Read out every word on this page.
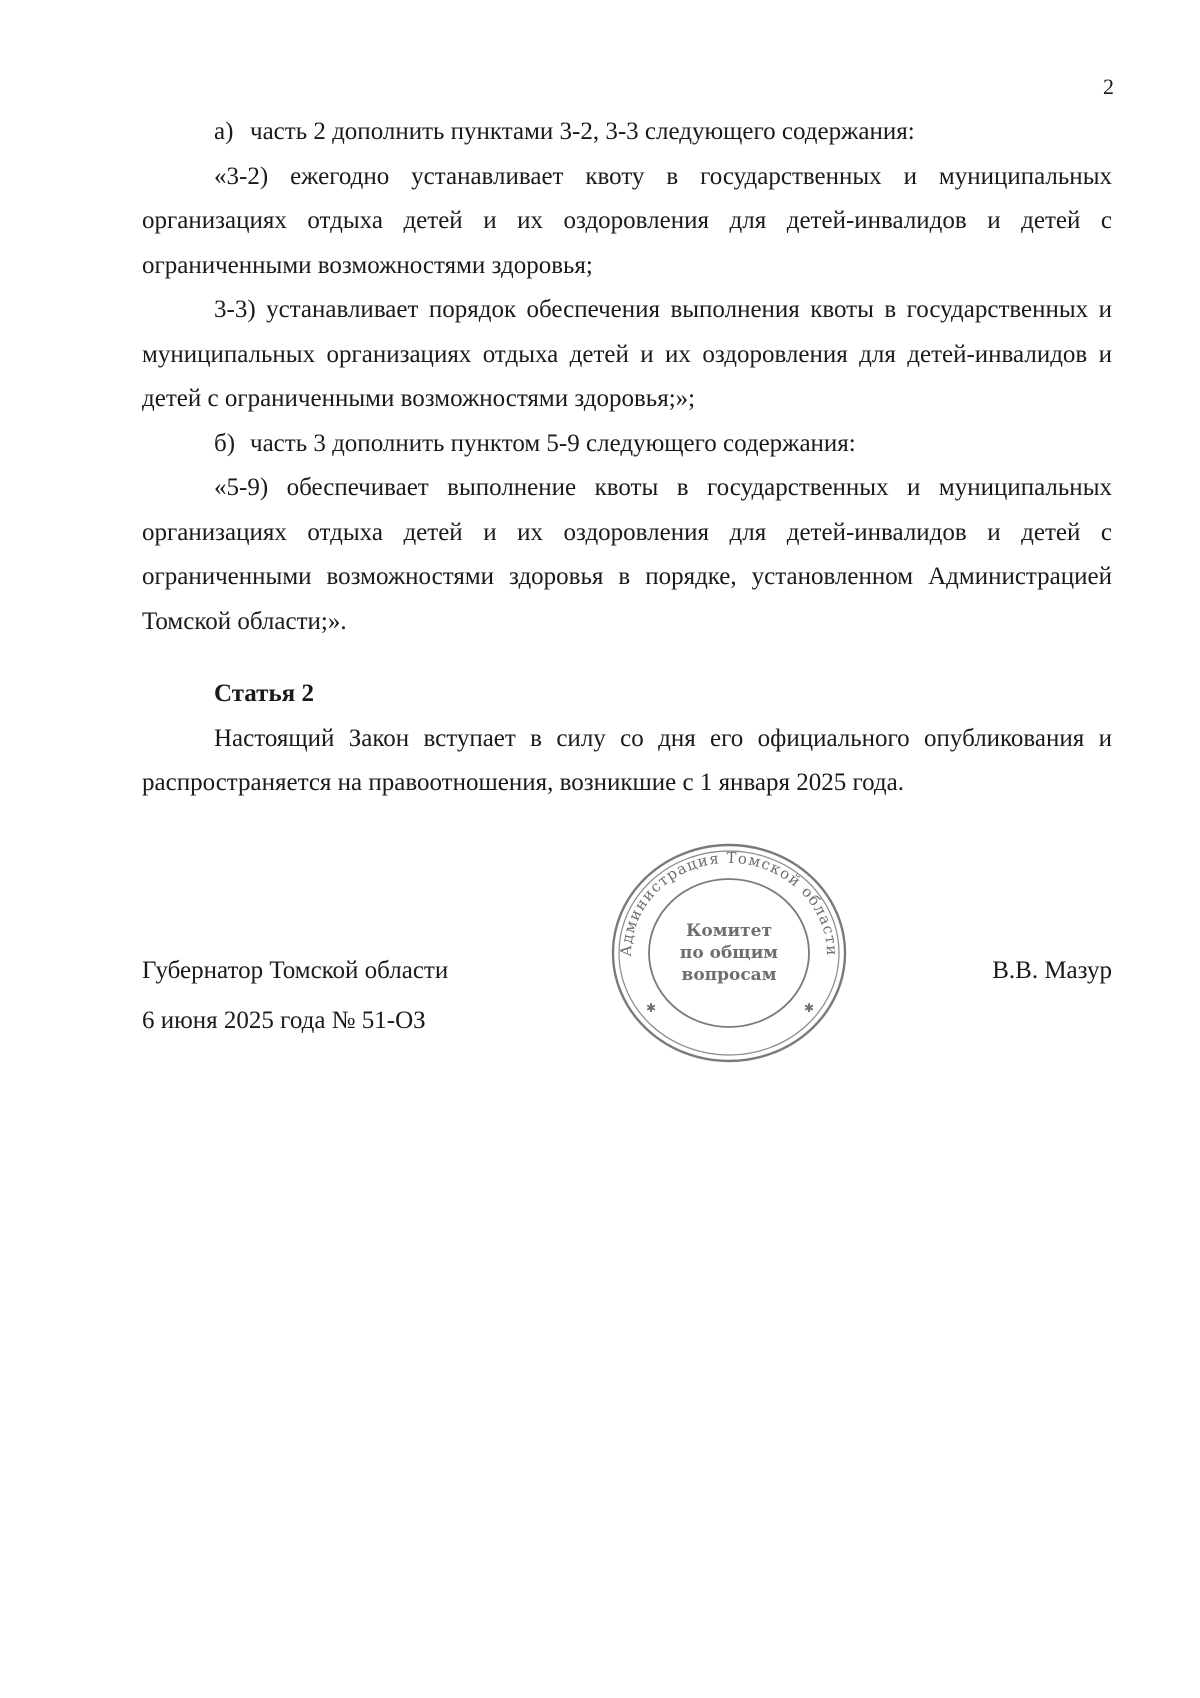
2

а) часть 2 дополнить пунктами 3-2, 3-3 следующего содержания:

«3-2) ежегодно устанавливает квоту в государственных и муниципальных организациях отдыха детей и их оздоровления для детей-инвалидов и детей с ограниченными возможностями здоровья;

3-3) устанавливает порядок обеспечения выполнения квоты в государственных и муниципальных организациях отдыха детей и их оздоровления для детей-инвалидов и детей с ограниченными возможностями здоровья;»;

б) часть 3 дополнить пунктом 5-9 следующего содержания:

«5-9) обеспечивает выполнение квоты в государственных и муниципальных организациях отдыха детей и их оздоровления для детей-инвалидов и детей с ограниченными возможностями здоровья в порядке, установленном Администрацией Томской области;».

Статья 2

Настоящий Закон вступает в силу со дня его официального опубликования и распространяется на правоотношения, возникшие с 1 января 2025 года.

Губернатор Томской области
6 июня 2025 года № 51-ОЗ
В.В. Мазур
Администрация Томской области
Комитет
по общим
вопросам
✱	✱
